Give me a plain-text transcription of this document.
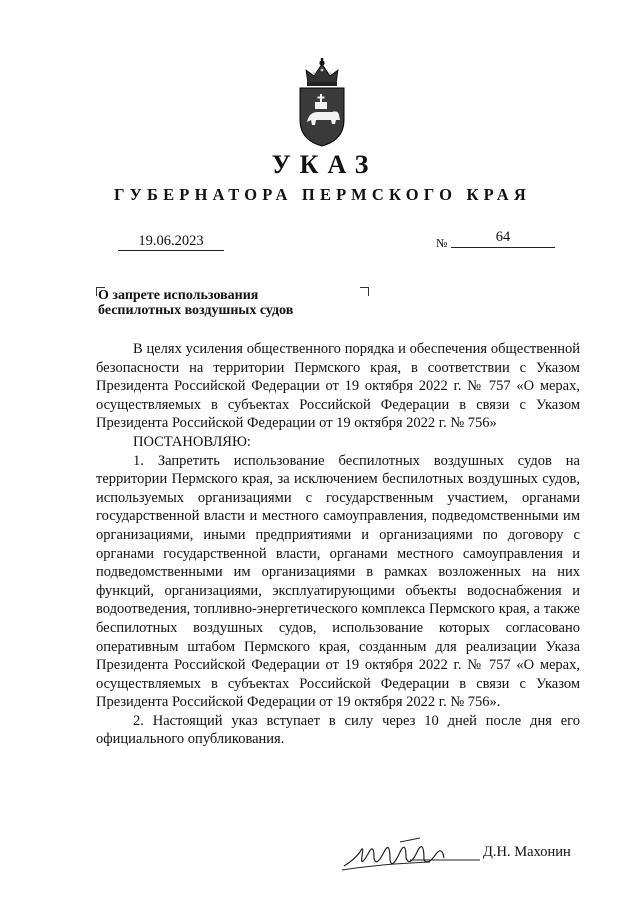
УКАЗ
ГУБЕРНАТОРА ПЕРМСКОГО КРАЯ
19.06.2023	№	64
О запрете использования
беспилотных воздушных судов

В целях усиления общественного порядка и обеспечения общественной безопасности на территории Пермского края, в соответствии с Указом Президента Российской Федерации от 19 октября 2022 г. № 757 «О мерах, осуществляемых в субъектах Российской Федерации в связи с Указом Президента Российской Федерации от 19 октября 2022 г. № 756»

ПОСТАНОВЛЯЮ:

1. Запретить использование беспилотных воздушных судов на территории Пермского края, за исключением беспилотных воздушных судов, используемых организациями с государственным участием, органами государственной власти и местного самоуправления, подведомственными им организациями, иными предприятиями и организациями по договору с органами государственной власти, органами местного самоуправления и подведомственными им организациями в рамках возложенных на них функций, организациями, эксплуатирующими объекты водоснабжения и водоотведения, топливно-энергетического комплекса Пермского края, а также беспилотных воздушных судов, использование которых согласовано оперативным штабом Пермского края, созданным для реализации Указа Президента Российской Федерации от 19 октября 2022 г. № 757 «О мерах, осуществляемых в субъектах Российской Федерации в связи с Указом Президента Российской Федерации от 19 октября 2022 г. № 756».

2. Настоящий указ вступает в силу через 10 дней после дня его официального опубликования.

Д.Н. Махонин
